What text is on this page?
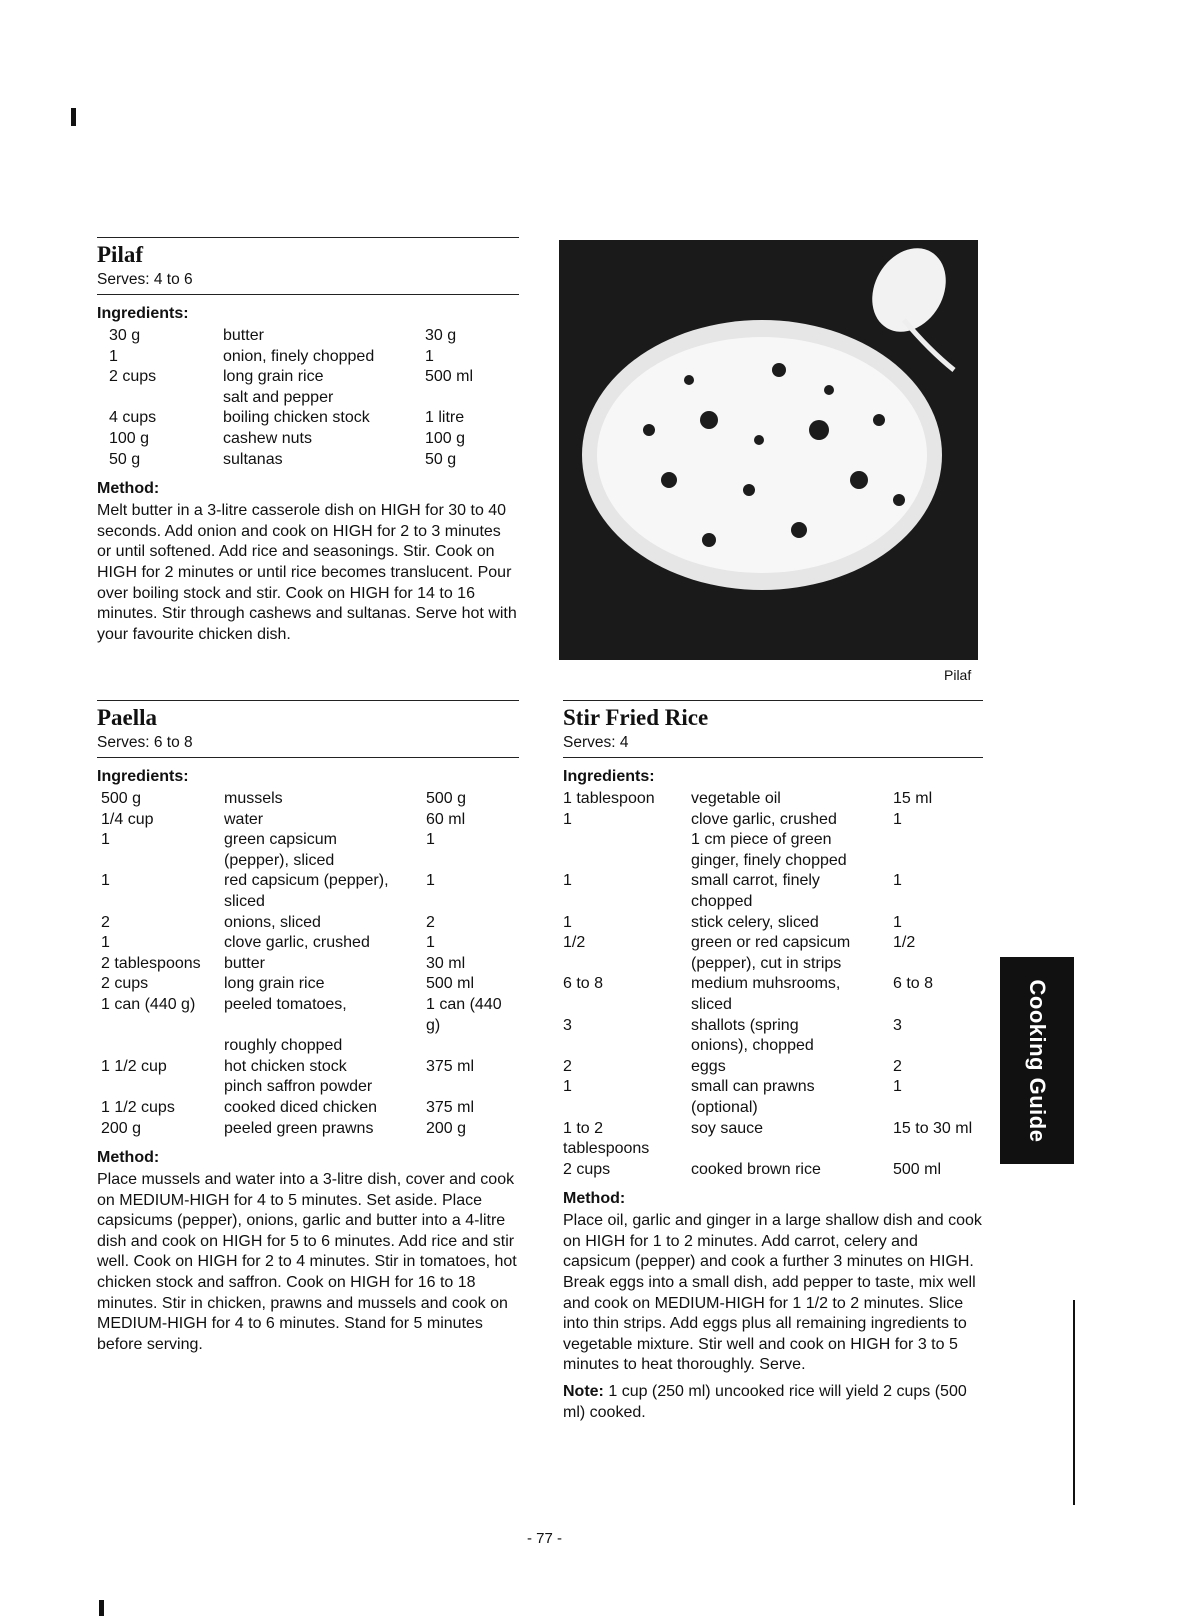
Pilaf
Serves: 4 to 6
Ingredients:
30 g	butter	30 g
1	onion, finely chopped	1
2 cups	long grain rice	500 ml
	salt and pepper	
4 cups	boiling chicken stock	1 litre
100 g	cashew nuts	100 g
50 g	sultanas	50 g
Method:

Melt butter in a 3-litre casserole dish on HIGH for 30 to 40 seconds. Add onion and cook on HIGH for 2 to 3 minutes or until softened. Add rice and seasonings. Stir. Cook on HIGH for 2 minutes or until rice becomes translucent. Pour over boiling stock and stir. Cook on HIGH for 14 to 16 minutes. Stir through cashews and sultanas. Serve hot with your favourite chicken dish.

Pilaf
Paella
Serves: 6 to 8
Ingredients:
500 g	mussels	500 g
1/4 cup	water	60 ml
1	green capsicum	1
	(pepper), sliced	
1	red capsicum (pepper),	1
	sliced	
2	onions, sliced	2
1	clove garlic, crushed	1
2 tablespoons	butter	30 ml
2 cups	long grain rice	500 ml
1 can (440 g)	peeled tomatoes,	1 can (440 g)
	roughly chopped	
1 1/2 cup	hot chicken stock	375 ml
	pinch saffron powder	
1 1/2 cups	cooked diced chicken	375 ml
200 g	peeled green prawns	200 g
Method:

Place mussels and water into a 3-litre dish, cover and cook on MEDIUM-HIGH for 4 to 5 minutes. Set aside. Place capsicums (pepper), onions, garlic and butter into a 4-litre dish and cook on HIGH for 5 to 6 minutes. Add rice and stir well. Cook on HIGH for 2 to 4 minutes. Stir in tomatoes, hot chicken stock and saffron. Cook on HIGH for 16 to 18 minutes. Stir in chicken, prawns and mussels and cook on MEDIUM-HIGH for 4 to 6 minutes. Stand for 5 minutes before serving.

Stir Fried Rice
Serves: 4
Ingredients:
1 tablespoon	vegetable oil	15 ml
1	clove garlic, crushed	1
	1 cm piece of green	
	ginger, finely chopped	
1	small carrot, finely	1
	chopped	
1	stick celery, sliced	1
1/2	green or red capsicum	1/2
	(pepper), cut in strips	
6 to 8	medium muhsrooms,	6 to 8
	sliced	
3	shallots (spring	3
	onions), chopped	
2	eggs	2
1	small can prawns	1
	(optional)	
1 to 2	soy sauce	15 to 30 ml
tablespoons		
2 cups	cooked brown rice	500 ml
Method:

Place oil, garlic and ginger in a large shallow dish and cook on HIGH for 1 to 2 minutes. Add carrot, celery and capsicum (pepper) and cook a further 3 minutes on HIGH. Break eggs into a small dish, add pepper to taste, mix well and cook on MEDIUM-HIGH for 1 1/2 to 2 minutes. Slice into thin strips. Add eggs plus all remaining ingredients to vegetable mixture. Stir well and cook on HIGH for 3 to 5 minutes to heat thoroughly. Serve.

Note: 1 cup (250 ml) uncooked rice will yield 2 cups (500 ml) cooked.
Cooking Guide
- 77 -
